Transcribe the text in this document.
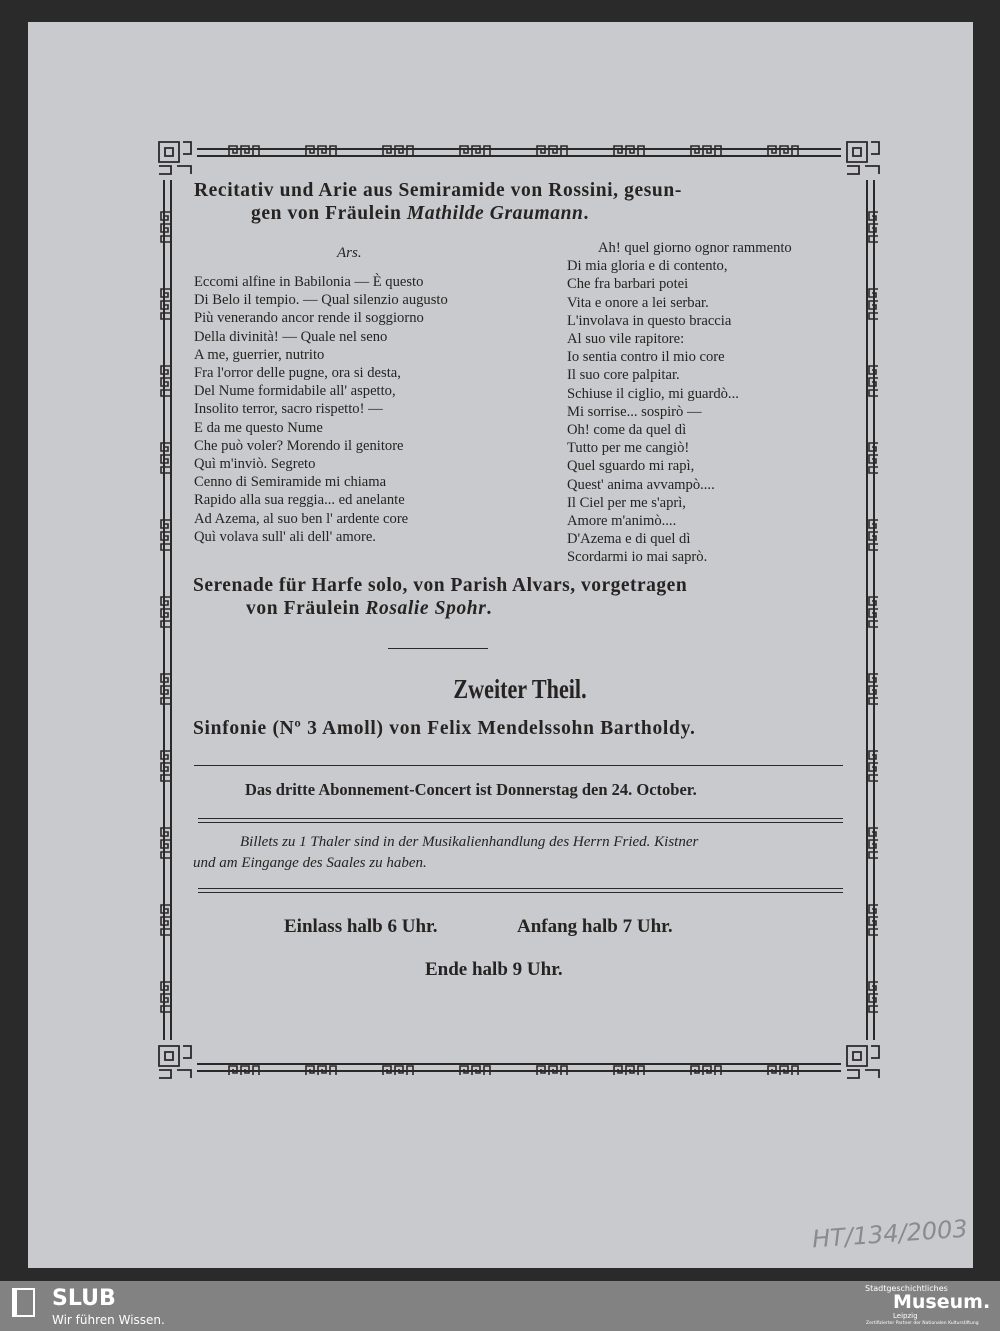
Recitativ und Arie aus Semiramide von Rossini, gesun-
gen von Fräulein Mathilde Graumann.
Ars.
Eccomi alfine in Babilonia — È questo
Di Belo il tempio. — Qual silenzio augusto
Più venerando ancor rende il soggiorno
Della divinità! — Quale nel seno
A me, guerrier, nutrito
Fra l'orror delle pugne, ora si desta,
Del Nume formidabile all' aspetto,
Insolito terror, sacro rispetto! —
E da me questo Nume
Che può voler? Morendo il genitore
Quì m'inviò. Segreto
Cenno di Semiramide mi chiama
Rapido alla sua reggia... ed anelante
Ad Azema, al suo ben l' ardente core
Quì volava sull' ali dell' amore.
Ah! quel giorno ognor rammento
Di mia gloria e di contento,
Che fra barbari potei
Vita e onore a lei serbar.
L'involava in questo braccia
Al suo vile rapitore:
Io sentia contro il mio core
Il suo core palpitar.
Schiuse il ciglio, mi guardò...
Mi sorrise... sospirò —
Oh! come da quel dì
Tutto per me cangiò!
Quel sguardo mi rapì,
Quest' anima avvampò....
Il Ciel per me s'aprì,
Amore m'animò....
D'Azema e di quel dì
Scordarmi io mai saprò.
Serenade für Harfe solo, von Parish Alvars, vorgetragen
von Fräulein Rosalie Spohr.
Zweiter Theil.
Sinfonie (Nº 3 Amoll) von Felix Mendelssohn Bartholdy.
Das dritte Abonnement-Concert ist Donnerstag den 24. October.
Billets zu 1 Thaler sind in der Musikalienhandlung des Herrn Fried. Kistner
und am Eingange des Saales zu haben.
Einlass halb 6 Uhr.	Anfang halb 7 Uhr.
Ende halb 9 Uhr.
HT/134/2003
SLUB
Wir führen Wissen.
Stadtgeschichtliches
Museum.
Leipzig
Zertifizierter Partner der Nationalen Kulturstiftung
